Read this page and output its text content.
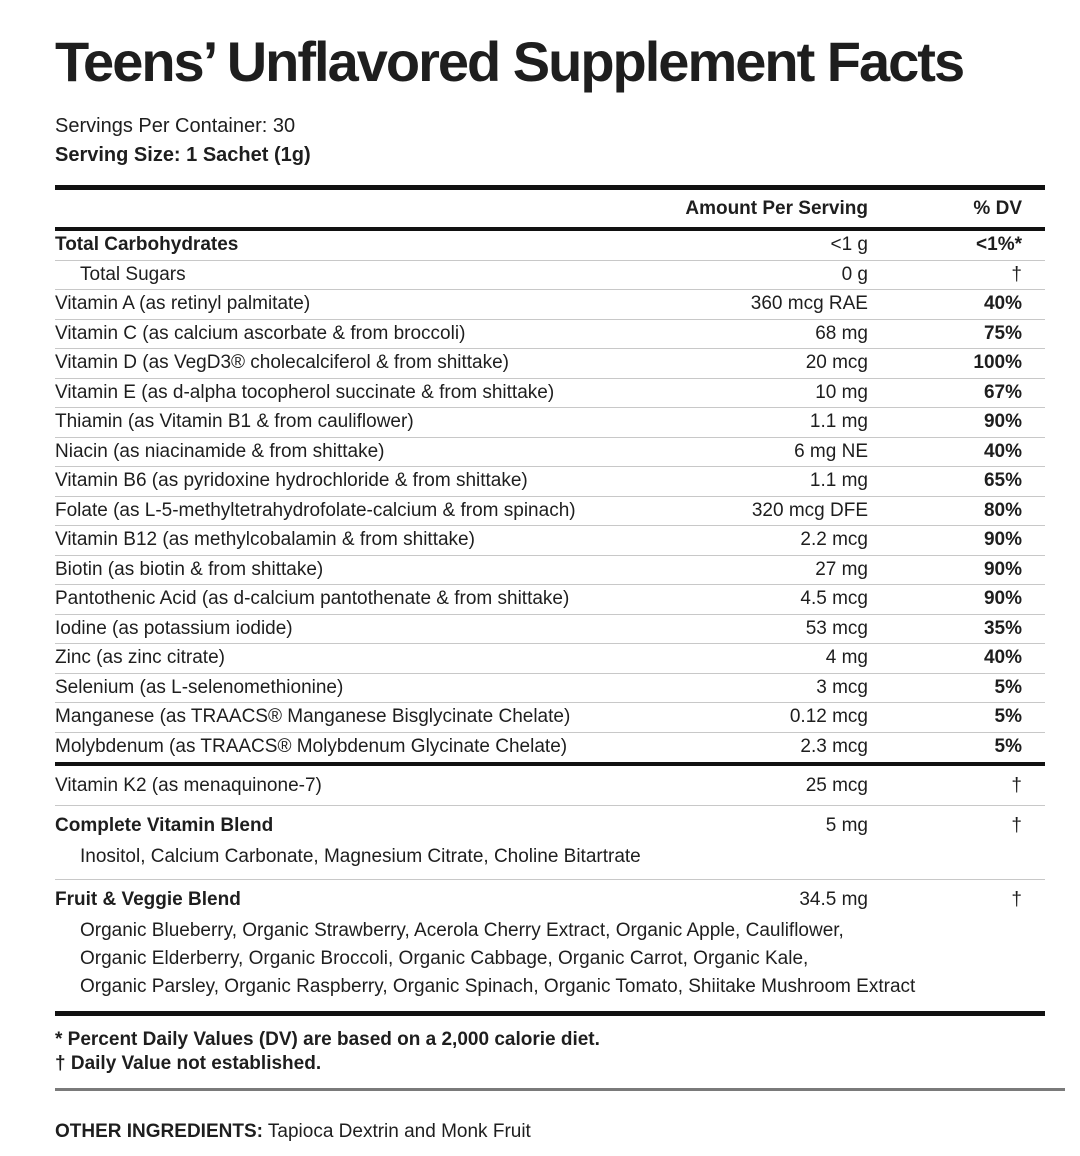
Teens’ Unflavored Supplement Facts
Servings Per Container: 30
Serving Size: 1 Sachet (1g)
Amount Per Serving	% DV
Total Carbohydrates	<1 g	<1%*
Total Sugars	0 g	†
Vitamin A (as retinyl palmitate)	360 mcg RAE	40%
Vitamin C (as calcium ascorbate & from broccoli)	68 mg	75%
Vitamin D (as VegD3® cholecalciferol & from shittake)	20 mcg	100%
Vitamin E (as d-alpha tocopherol succinate & from shittake)	10 mg	67%
Thiamin (as Vitamin B1 & from cauliflower)	1.1 mg	90%
Niacin (as niacinamide & from shittake)	6 mg NE	40%
Vitamin B6 (as pyridoxine hydrochloride & from shittake)	1.1 mg	65%
Folate (as L-5-methyltetrahydrofolate-calcium & from spinach)	320 mcg DFE	80%
Vitamin B12 (as methylcobalamin & from shittake)	2.2 mcg	90%
Biotin (as biotin & from shittake)	27 mg	90%
Pantothenic Acid (as d-calcium pantothenate & from shittake)	4.5 mcg	90%
Iodine (as potassium iodide)	53 mcg	35%
Zinc (as zinc citrate)	4 mg	40%
Selenium (as L-selenomethionine)	3 mcg	5%
Manganese (as TRAACS® Manganese Bisglycinate Chelate)	0.12 mcg	5%
Molybdenum (as TRAACS® Molybdenum Glycinate Chelate)	2.3 mcg	5%
Vitamin K2 (as menaquinone-7)	25 mcg	†
Complete Vitamin Blend	5 mg	†
Inositol, Calcium Carbonate, Magnesium Citrate, Choline Bitartrate
Fruit & Veggie Blend	34.5 mg	†
Organic Blueberry, Organic Strawberry, Acerola Cherry Extract, Organic Apple, Cauliflower,
Organic Elderberry, Organic Broccoli, Organic Cabbage, Organic Carrot, Organic Kale,
Organic Parsley, Organic Raspberry, Organic Spinach, Organic Tomato, Shiitake Mushroom Extract
* Percent Daily Values (DV) are based on a 2,000 calorie diet.
† Daily Value not established.

OTHER INGREDIENTS: Tapioca Dextrin and Monk Fruit
